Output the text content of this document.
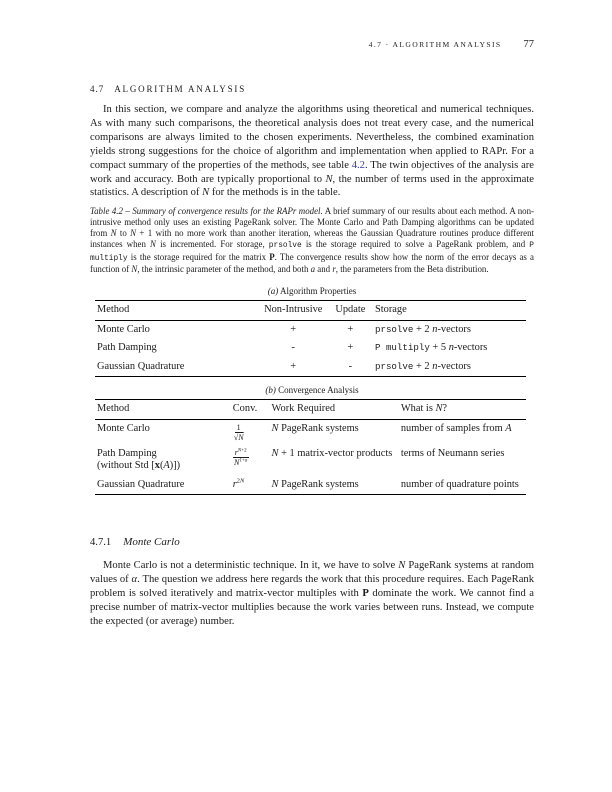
4.7 · ALGORITHM ANALYSIS 77
4.7 ALGORITHM ANALYSIS

In this section, we compare and analyze the algorithms using theoretical and numerical techniques. As with many such comparisons, the theoretical analysis does not treat every case, and the numerical comparisons are always limited to the chosen experiments. Nevertheless, the combined examination yields strong suggestions for the choice of algorithm and implementation when applied to RAPr. For a compact summary of the properties of the methods, see table 4.2. The twin objectives of the analysis are work and accuracy. Both are typically proportional to N, the number of terms used in the approximate statistics. A description of N for the methods is in the table.

Table 4.2 – Summary of convergence results for the RAPr model. A brief summary of our results about each method. A non-intrusive method only uses an existing PageRank solver. The Monte Carlo and Path Damping algorithms can be updated from N to N + 1 with no more work than another iteration, whereas the Gaussian Quadrature routines produce different instances when N is incremented. For storage, prsolve is the storage required to solve a PageRank problem, and P multiply is the storage required for the matrix P. The convergence results show how the norm of the error decays as a function of N, the intrinsic parameter of the method, and both a and r, the parameters from the Beta distribution.
(a) Algorithm Properties
Method	Non-Intrusive	Update	Storage
Monte Carlo	+	+	prsolve + 2 n-vectors
Path Damping	-	+	P multiply + 5 n-vectors
Gaussian Quadrature	+	-	prsolve + 2 n-vectors
(b) Convergence Analysis
Method	Conv.	Work Required	What is N?
Monte Carlo	$\frac{1}{√N}$	N PageRank systems	number of samples from A
Path Damping
(without Std [x(A)])	$\frac{r^{N+2}}{N^{1+a}}$	N + 1 matrix-vector products	terms of Neumann series
Gaussian Quadrature	$r^{2N}$	N PageRank systems	number of quadrature points
4.7.1 Monte Carlo

Monte Carlo is not a deterministic technique. In it, we have to solve N PageRank systems at random values of α. The question we address here regards the work that this procedure requires. Each PageRank problem is solved iteratively and matrix-vector multiples with P dominate the work. We cannot find a precise number of matrix-vector multiplies because the work varies between runs. Instead, we compute the expected (or average) number.
